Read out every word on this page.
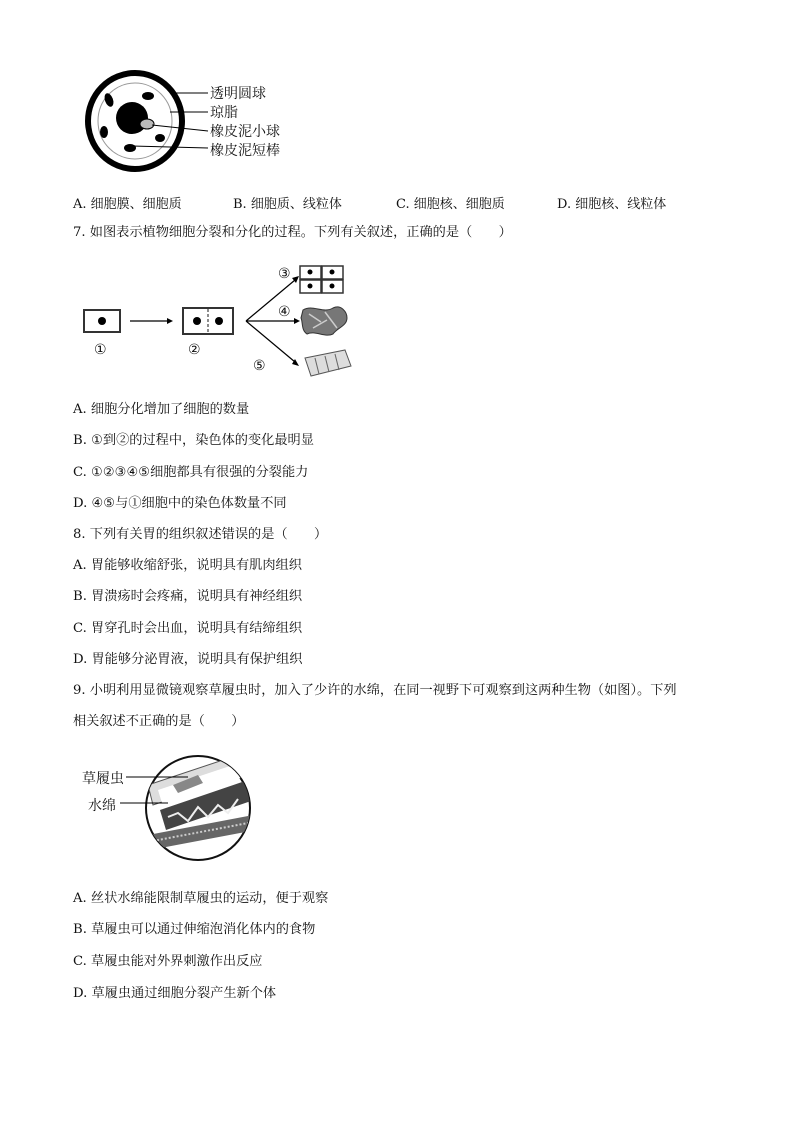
透明圆球
琼脂
橡皮泥小球
橡皮泥短棒
A. 细胞膜、细胞质	B. 细胞质、线粒体	C. 细胞核、细胞质	D. 细胞核、线粒体
7. 如图表示植物细胞分裂和分化的过程。下列有关叙述，正确的是（　　）
①	②
③
④
⑤
A. 细胞分化增加了细胞的数量
B. ①到②的过程中，染色体的变化最明显
C. ①②③④⑤细胞都具有很强的分裂能力
D. ④⑤与①细胞中的染色体数量不同
8. 下列有关胃的组织叙述错误的是（　　）
A. 胃能够收缩舒张，说明具有肌肉组织
B. 胃溃疡时会疼痛，说明具有神经组织
C. 胃穿孔时会出血，说明具有结缔组织
D. 胃能够分泌胃液，说明具有保护组织
9. 小明利用显微镜观察草履虫时，加入了少许的水绵，在同一视野下可观察到这两种生物（如图）。下列
相关叙述不正确的是（　　）
草履虫
水绵
A. 丝状水绵能限制草履虫的运动，便于观察
B. 草履虫可以通过伸缩泡消化体内的食物
C. 草履虫能对外界刺激作出反应
D. 草履虫通过细胞分裂产生新个体
